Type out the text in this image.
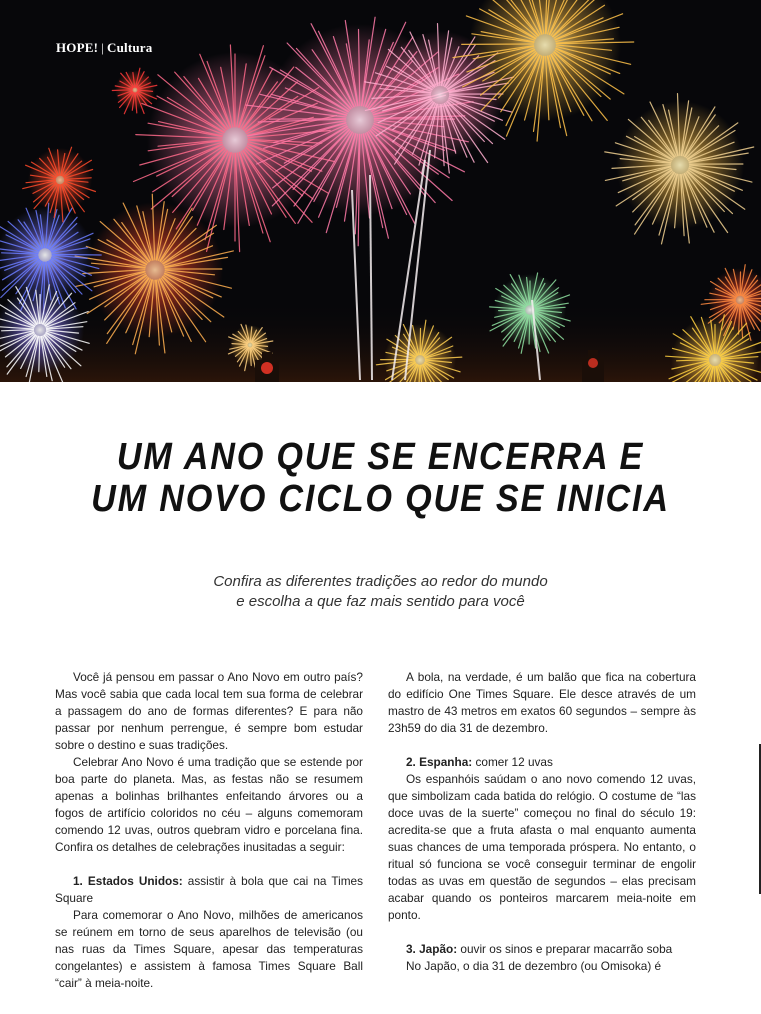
HOPE! | Cultura
UM ANO QUE SE ENCERRA E
UM NOVO CICLO QUE SE INICIA

Confira as diferentes tradições ao redor do mundo
e escolha a que faz mais sentido para você

Você já pensou em passar o Ano Novo em outro país? Mas você sabia que cada local tem sua forma de celebrar a passagem do ano de formas diferentes? E para não passar por nenhum perrengue, é sempre bom estudar sobre o destino e suas tradições.

Celebrar Ano Novo é uma tradição que se estende por boa parte do planeta. Mas, as festas não se resumem apenas a bolinhas brilhantes enfeitando árvores ou a fogos de artifício coloridos no céu – alguns comemoram comendo 12 uvas, outros quebram vidro e porcelana fina. Confira os detalhes de celebrações inusitadas a seguir:

1. Estados Unidos: assistir à bola que cai na Times Square

Para comemorar o Ano Novo, milhões de americanos se reúnem em torno de seus aparelhos de televisão (ou nas ruas da Times Square, apesar das temperaturas congelantes) e assistem à famosa Times Square Ball “cair” à meia-noite.

A bola, na verdade, é um balão que fica na cobertura do edifício One Times Square. Ele desce através de um mastro de 43 metros em exatos 60 segundos – sempre às 23h59 do dia 31 de dezembro.

2. Espanha: comer 12 uvas

Os espanhóis saúdam o ano novo comendo 12 uvas, que simbolizam cada batida do relógio. O costume de “las doce uvas de la suerte” começou no final do século 19: acredita-se que a fruta afasta o mal enquanto aumenta suas chances de uma temporada próspera. No entanto, o ritual só funciona se você conseguir terminar de engolir todas as uvas em questão de segundos – elas precisam acabar quando os ponteiros marcarem meia-noite em ponto.

3. Japão: ouvir os sinos e preparar macarrão soba

No Japão, o dia 31 de dezembro (ou Omisoka) é
